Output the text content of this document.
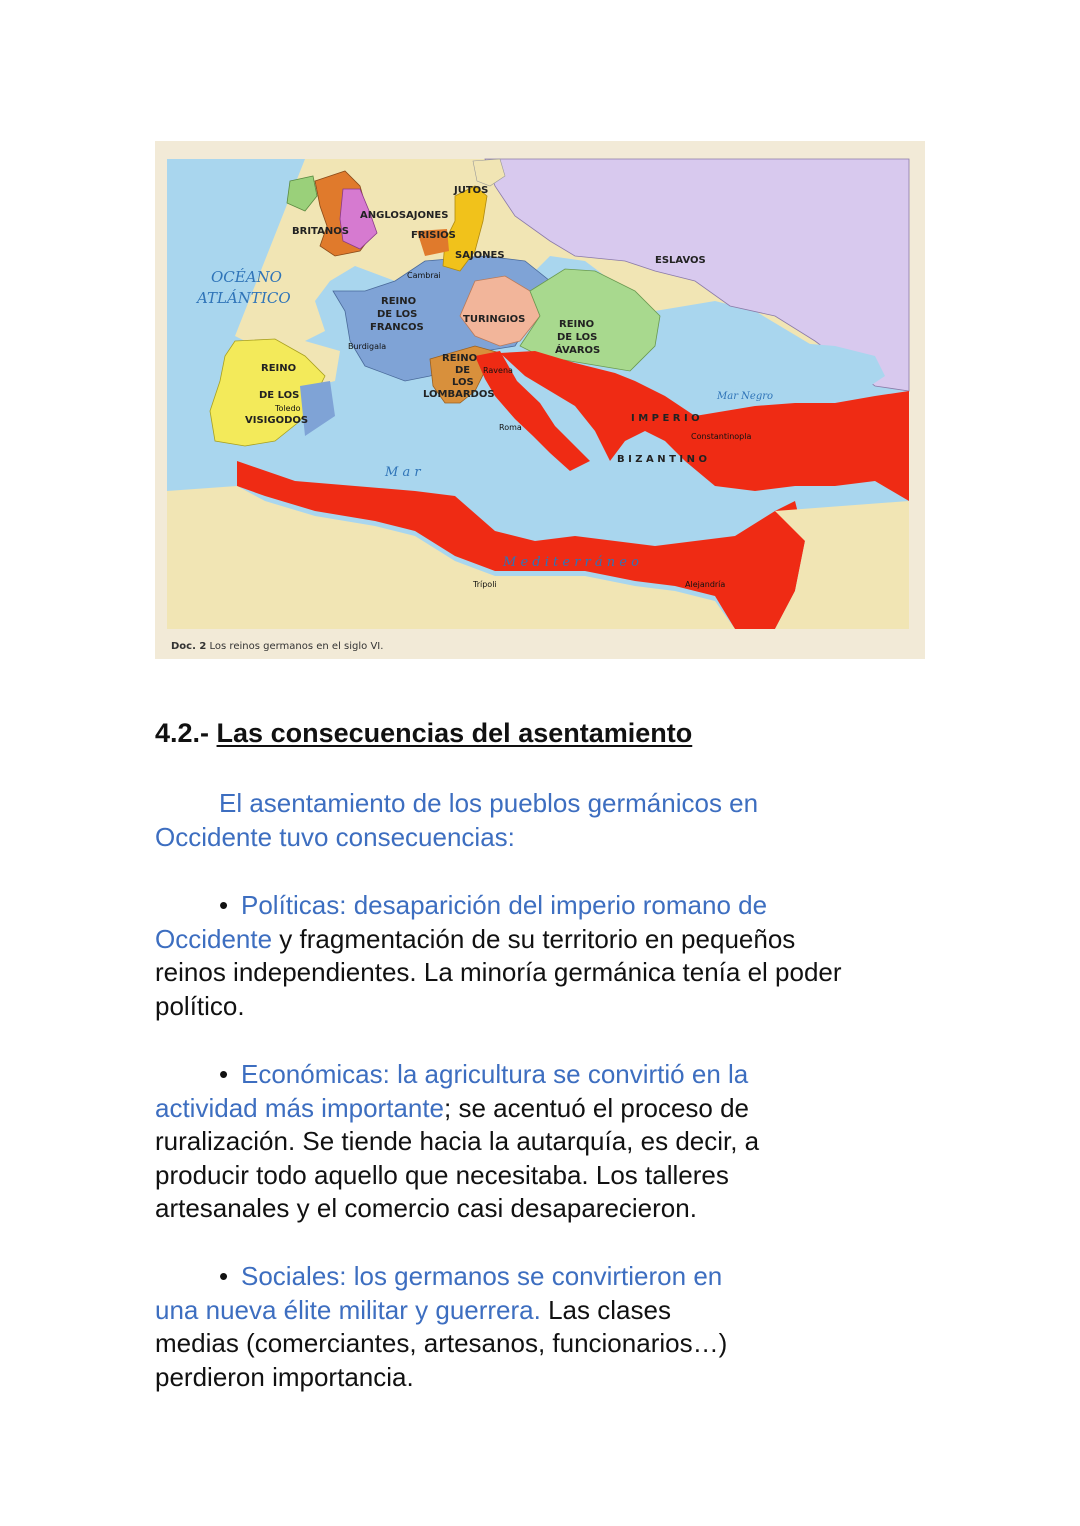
OCÉANO
ATLÁNTICO
BRITANOS
ANGLOSAJONES
JUTOS
FRISIOS
SAJONES
Cambrai
REINO
DE LOS
FRANCOS
Burdigala
TURINGIOS	REINO
DE LOS
ÁVAROS
ESLAVOS
REINO
DE
LOS
LOMBARDOS
Ravena
Roma
REINO
DE LOS
VISIGODOS
Toledo
Mar Negro
I M P E R I O
B I Z A N T I N O
Constantinopla
M a r
M e d i t e r r á n e o
Alejandría
Trípoli
Doc. 2 Los reinos germanos en el siglo VI.
4.2.- Las consecuencias del asentamiento
El asentamiento de los pueblos germánicos en
Occidente tuvo consecuencias:
• Políticas: desaparición del imperio romano de
Occidente y fragmentación de su territorio en pequeños
reinos independientes. La minoría germánica tenía el poder
político.
• Económicas: la agricultura se convirtió en la
actividad más importante; se acentuó el proceso de
ruralización. Se tiende hacia la autarquía, es decir, a
producir todo aquello que necesitaba. Los talleres
artesanales y el comercio casi desaparecieron.
• Sociales: los germanos se convirtieron en
una nueva élite militar y guerrera. Las clases
medias (comerciantes, artesanos, funcionarios…)
perdieron importancia.
